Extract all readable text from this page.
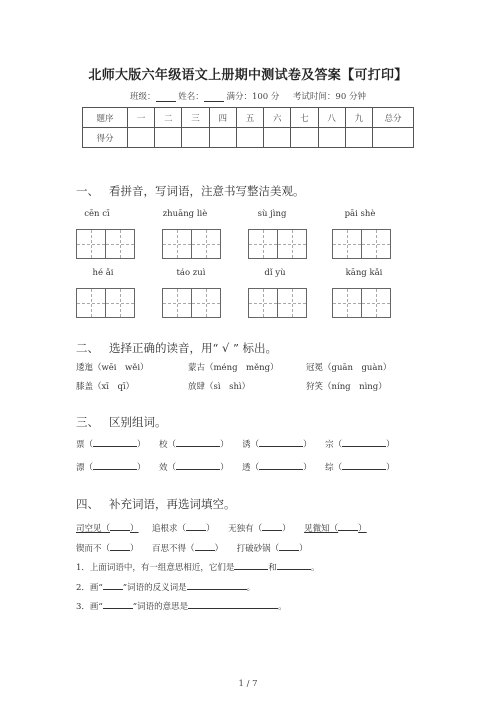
北师大版六年级语文上册期中测试卷及答案【可打印】
班级：	姓名：	满分：100 分 考试时间：90 分钟
题序	一	二	三	四	五	六	七	八	九	总分
得分										
一、 看拼音，写词语，注意书写整洁美观。
cēn cī	zhuāng liè	sù jìng	pāi shè
hé ǎi	táo zuì	dǐ yù	kāng kǎi
二、 选择正确的读音，用“ √ ” 标出。
逶迤（wēi　wěi）	蒙古（méng　měng）	冠冕（guān　guàn）
膝盖（xī　qī）	放肆（sì　shì）	狩笑（níng　nìng）
三、 区别组词。
票（	） 校（	） 诱（	） 宗（	）
漂（	） 效（	） 透（	） 综（	）
四、 补充词语，再选词填空。
司空见（ ） 追根求（ ） 无独有（ ） 见微知（ ）
锲而不（ ） 百思不得（ ） 打破砂锅（ ）
1．上面词语中，有一组意思相近，它们是	和	。
2．画“ ”词语的反义词是	。
3．画“	”词语的意思是	。
1 / 7
